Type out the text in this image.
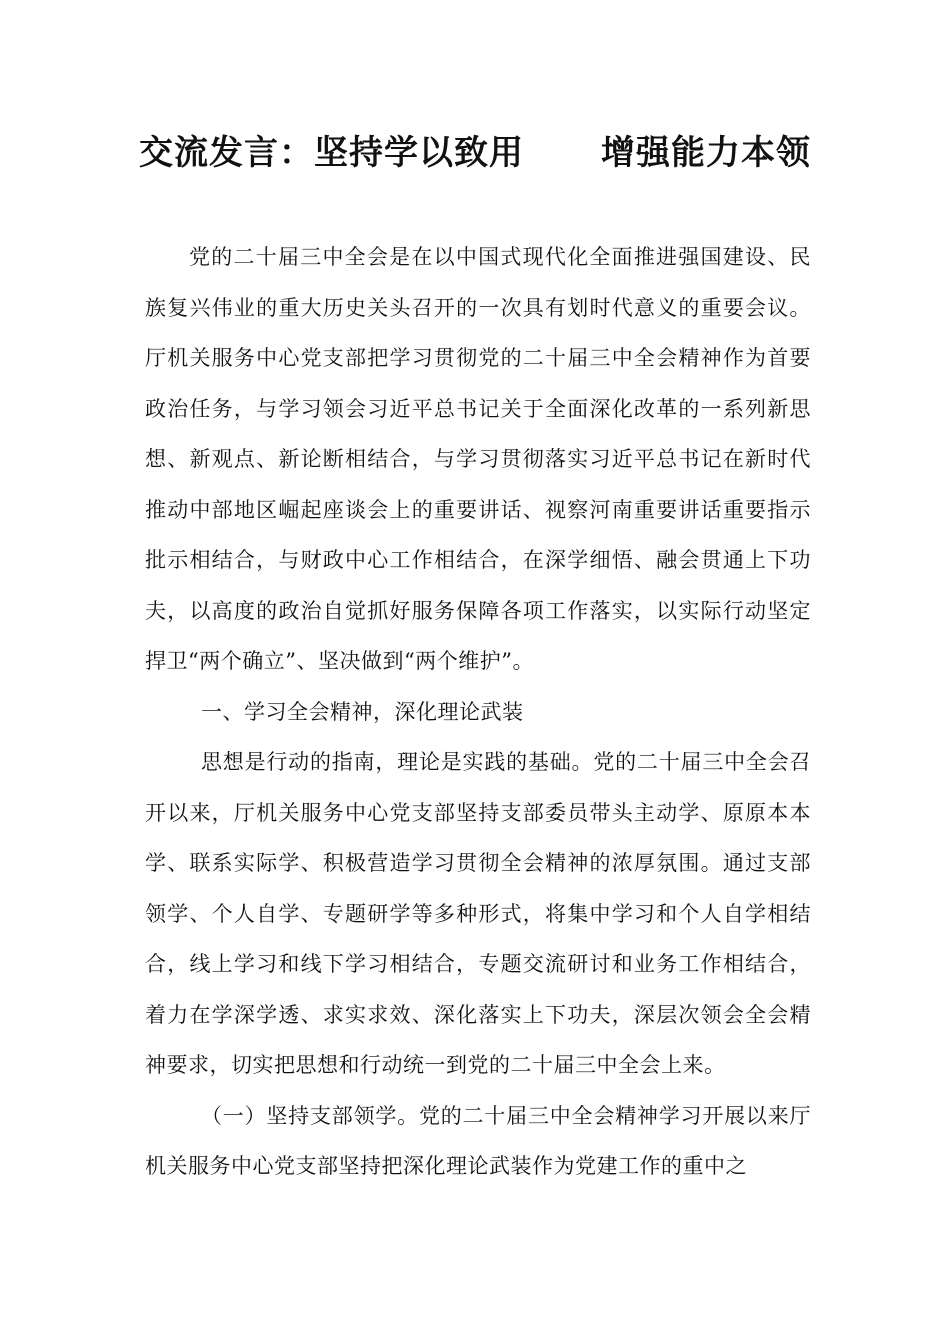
交流发言：坚持学以致用      增强能力本领

党的二十届三中全会是在以中国式现代化全面推进强国建设、民族复兴伟业的重大历史关头召开的一次具有划时代意义的重要会议。厅机关服务中心党支部把学习贯彻党的二十届三中全会精神作为首要政治任务，与学习领会习近平总书记关于全面深化改革的一系列新思想、新观点、新论断相结合，与学习贯彻落实习近平总书记在新时代推动中部地区崛起座谈会上的重要讲话、视察河南重要讲话重要指示批示相结合，与财政中心工作相结合，在深学细悟、融会贯通上下功夫，以高度的政治自觉抓好服务保障各项工作落实，以实际行动坚定捍卫“两个确立”、坚决做到“两个维护”。

一、学习全会精神，深化理论武装

思想是行动的指南，理论是实践的基础。党的二十届三中全会召开以来，厅机关服务中心党支部坚持支部委员带头主动学、原原本本学、联系实际学、积极营造学习贯彻全会精神的浓厚氛围。通过支部领学、个人自学、专题研学等多种形式，将集中学习和个人自学相结合，线上学习和线下学习相结合，专题交流研讨和业务工作相结合，着力在学深学透、求实求效、深化落实上下功夫，深层次领会全会精神要求，切实把思想和行动统一到党的二十届三中全会上来。

（一）坚持支部领学。党的二十届三中全会精神学习开展以来厅机关服务中心党支部坚持把深化理论武装作为党建工作的重中之
